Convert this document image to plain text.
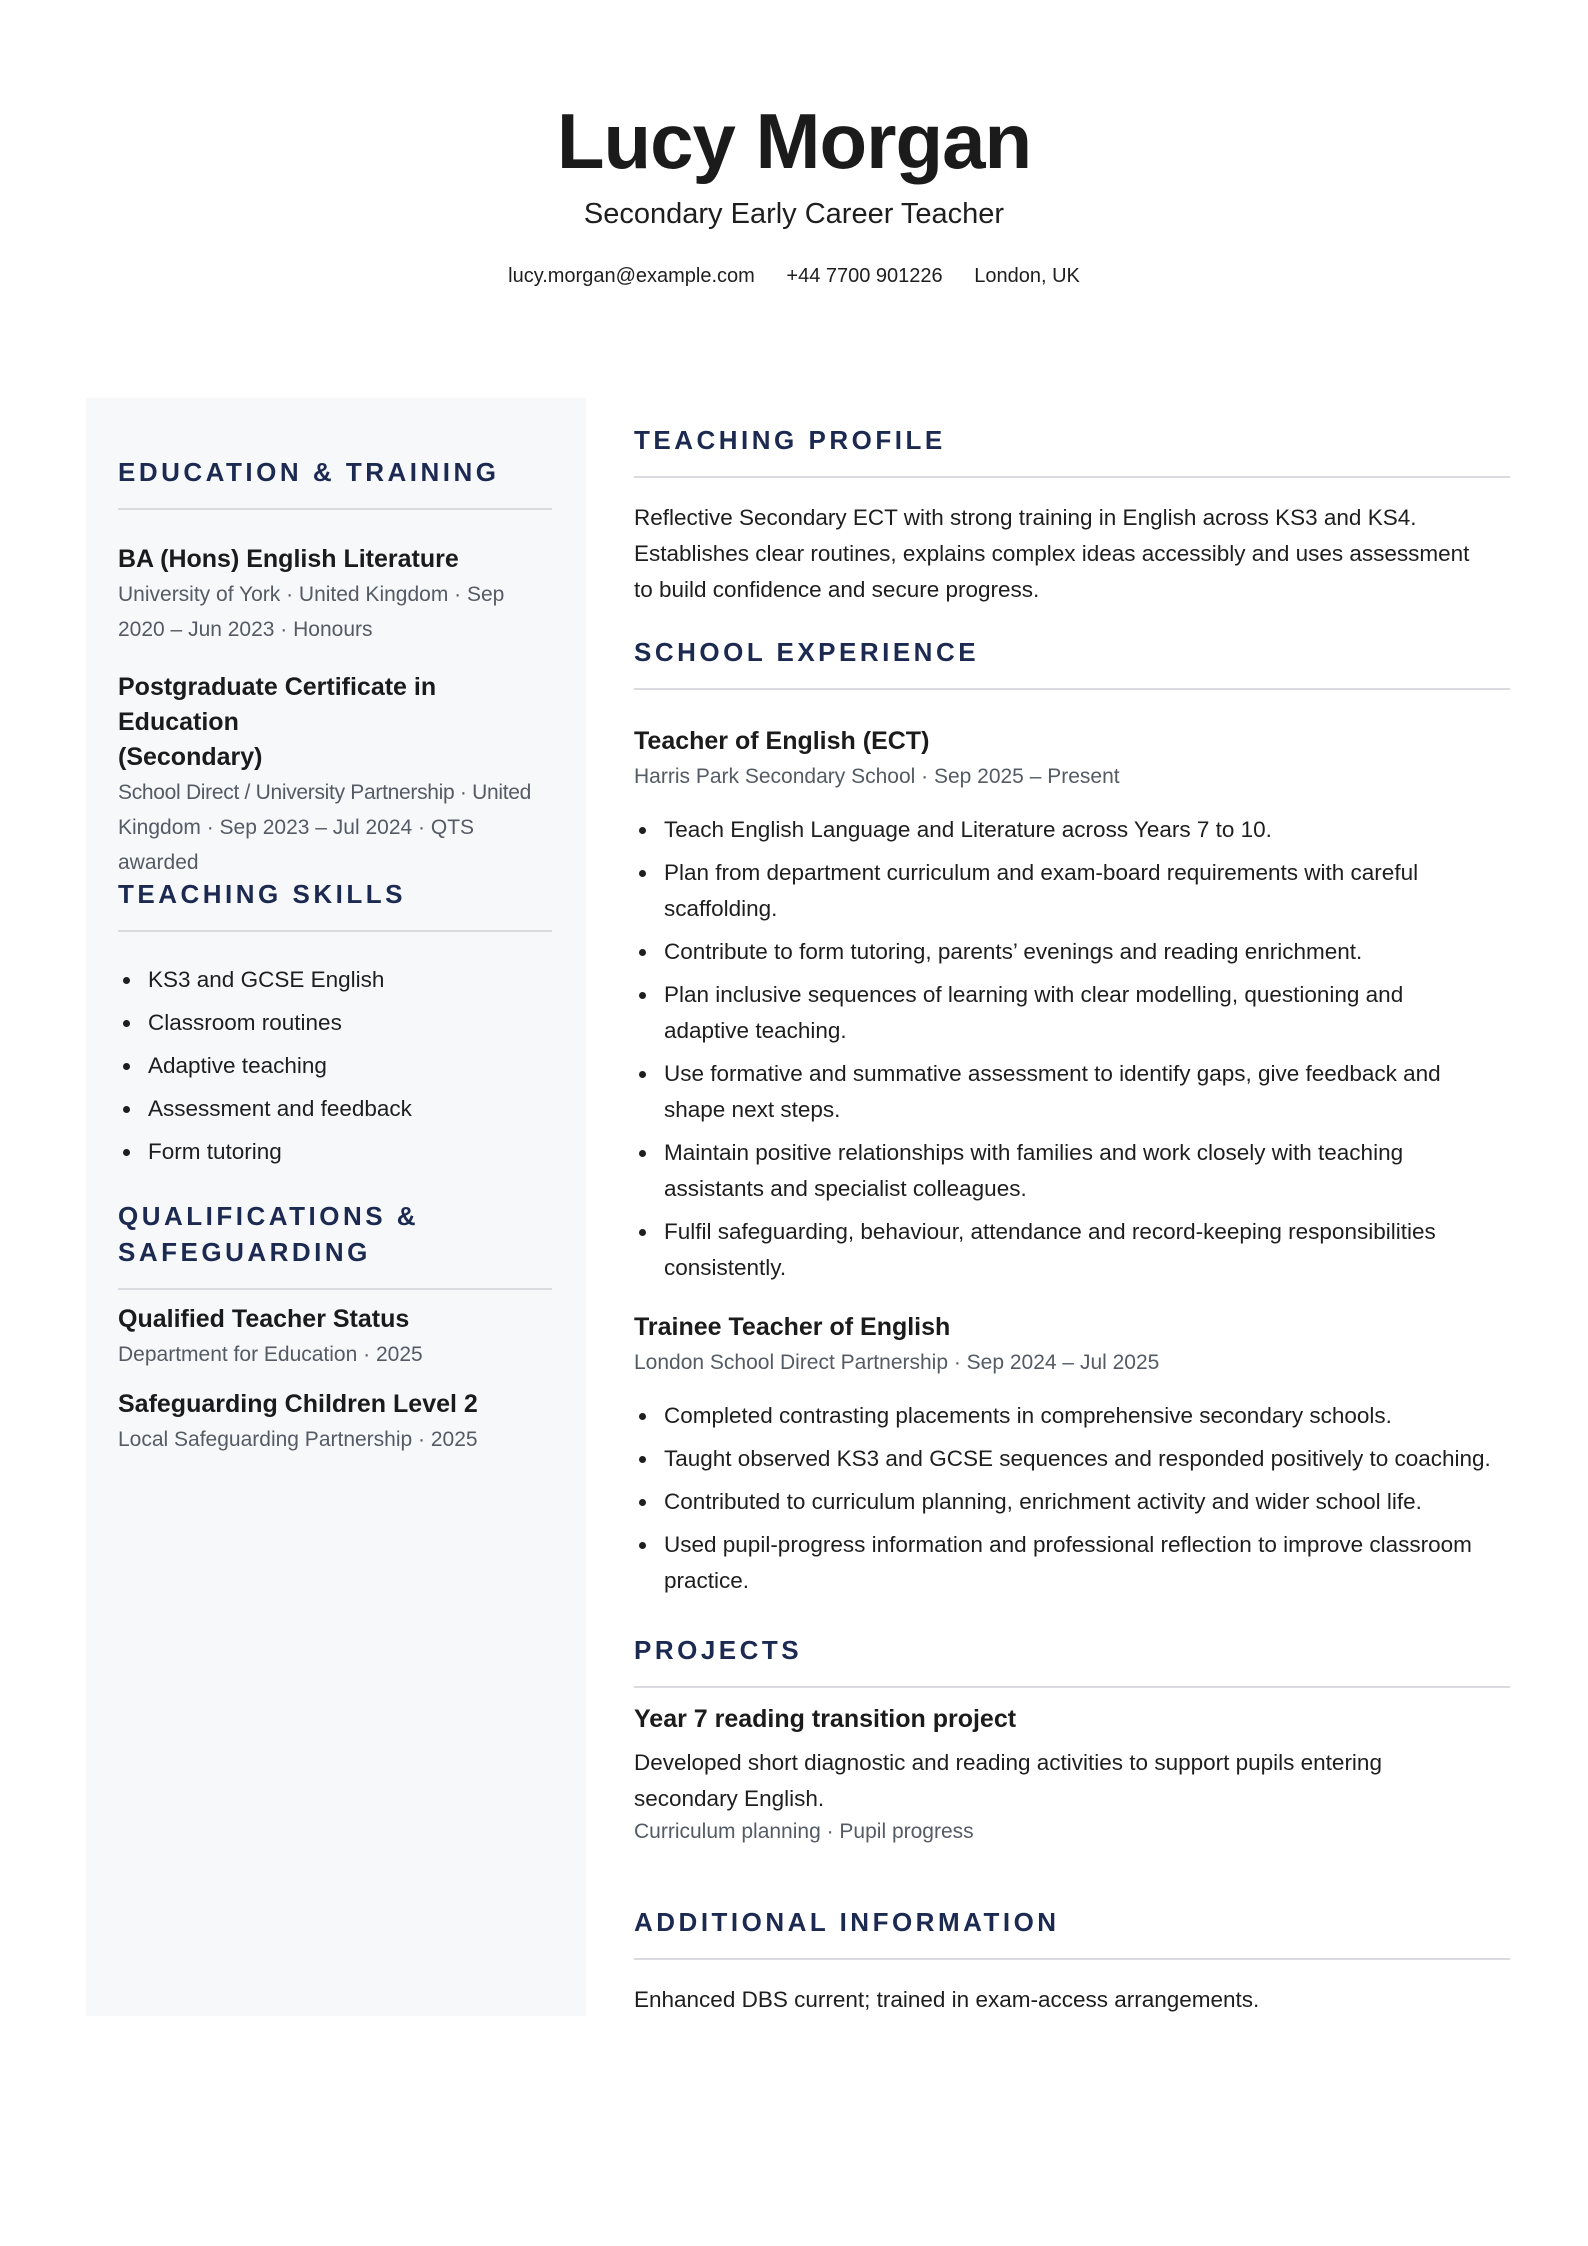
Lucy Morgan
Secondary Early Career Teacher
lucy.morgan@example.com +44 7700 901226 London, UK
EDUCATION & TRAINING
BA (Hons) English Literature
University of York · United Kingdom · Sep
2020 – Jun 2023 · Honours
Postgraduate Certificate in Education
(Secondary)
School Direct / University Partnership · United
Kingdom · Sep 2023 – Jul 2024 · QTS
awarded
TEACHING SKILLS
KS3 and GCSE English
Classroom routines
Adaptive teaching
Assessment and feedback
Form tutoring
QUALIFICATIONS &
SAFEGUARDING
Qualified Teacher Status
Department for Education · 2025
Safeguarding Children Level 2
Local Safeguarding Partnership · 2025
TEACHING PROFILE
Reflective Secondary ECT with strong training in English across KS3 and KS4.
Establishes clear routines, explains complex ideas accessibly and uses assessment
to build confidence and secure progress.
SCHOOL EXPERIENCE
Teacher of English (ECT)
Harris Park Secondary School · Sep 2025 – Present
Teach English Language and Literature across Years 7 to 10.
Plan from department curriculum and exam-board requirements with careful
scaffolding.
Contribute to form tutoring, parents’ evenings and reading enrichment.
Plan inclusive sequences of learning with clear modelling, questioning and
adaptive teaching.
Use formative and summative assessment to identify gaps, give feedback and
shape next steps.
Maintain positive relationships with families and work closely with teaching
assistants and specialist colleagues.
Fulfil safeguarding, behaviour, attendance and record-keeping responsibilities
consistently.
Trainee Teacher of English
London School Direct Partnership · Sep 2024 – Jul 2025
Completed contrasting placements in comprehensive secondary schools.
Taught observed KS3 and GCSE sequences and responded positively to coaching.
Contributed to curriculum planning, enrichment activity and wider school life.
Used pupil-progress information and professional reflection to improve classroom
practice.
PROJECTS
Year 7 reading transition project
Developed short diagnostic and reading activities to support pupils entering
secondary English.
Curriculum planning · Pupil progress
ADDITIONAL INFORMATION
Enhanced DBS current; trained in exam-access arrangements.
